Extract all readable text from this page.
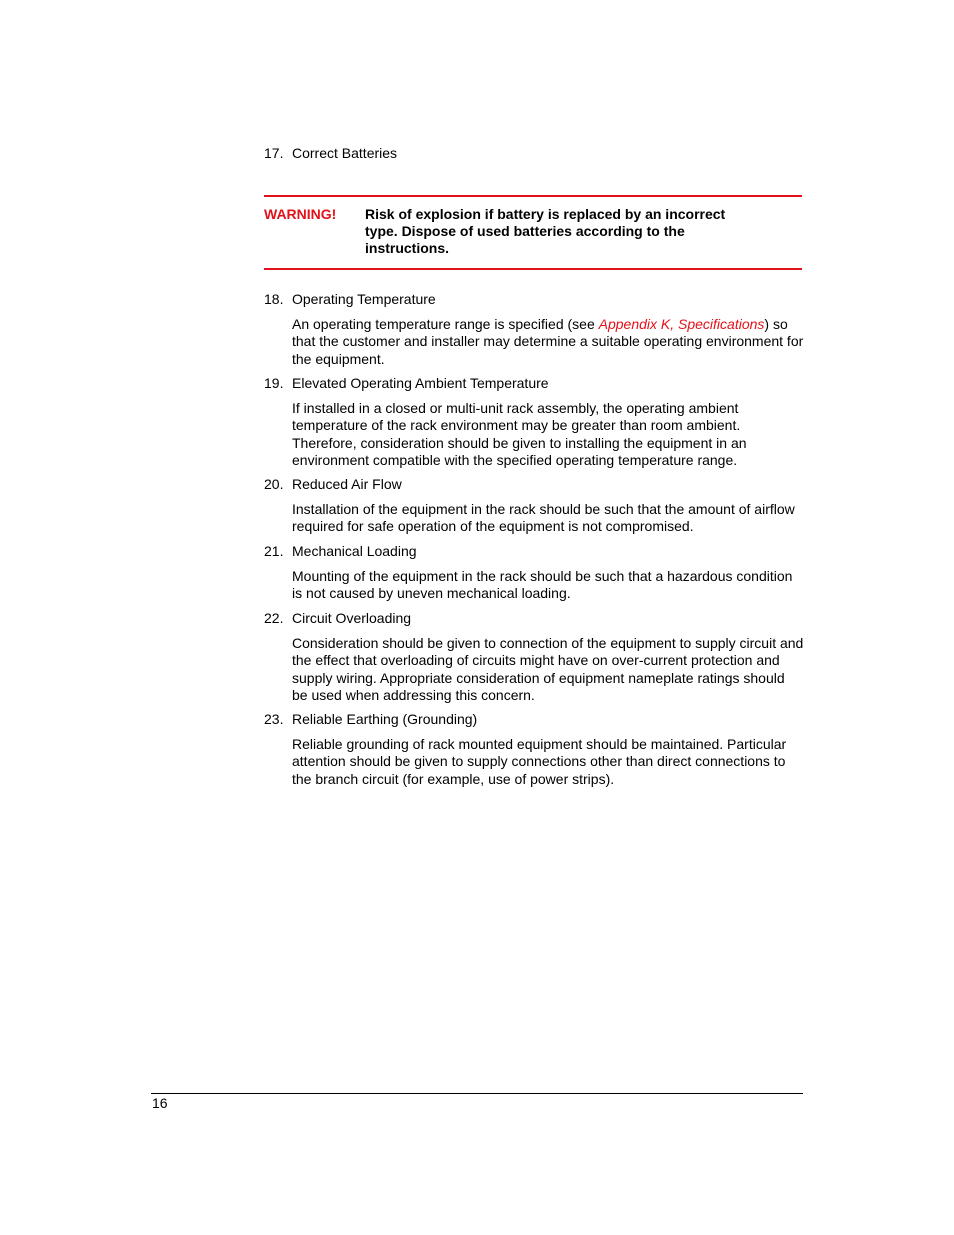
17. Correct Batteries
WARNING! Risk of explosion if battery is replaced by an incorrect type. Dispose of used batteries according to the instructions.
18. Operating Temperature
An operating temperature range is specified (see Appendix K, Specifications) so that the customer and installer may determine a suitable operating environment for the equipment.
19. Elevated Operating Ambient Temperature
If installed in a closed or multi-unit rack assembly, the operating ambient temperature of the rack environment may be greater than room ambient. Therefore, consideration should be given to installing the equipment in an environment compatible with the specified operating temperature range.
20. Reduced Air Flow
Installation of the equipment in the rack should be such that the amount of airflow required for safe operation of the equipment is not compromised.
21. Mechanical Loading
Mounting of the equipment in the rack should be such that a hazardous condition is not caused by uneven mechanical loading.
22. Circuit Overloading
Consideration should be given to connection of the equipment to supply circuit and the effect that overloading of circuits might have on over-current protection and supply wiring. Appropriate consideration of equipment nameplate ratings should be used when addressing this concern.
23. Reliable Earthing (Grounding)
Reliable grounding of rack mounted equipment should be maintained. Particular attention should be given to supply connections other than direct connections to the branch circuit (for example, use of power strips).
16
